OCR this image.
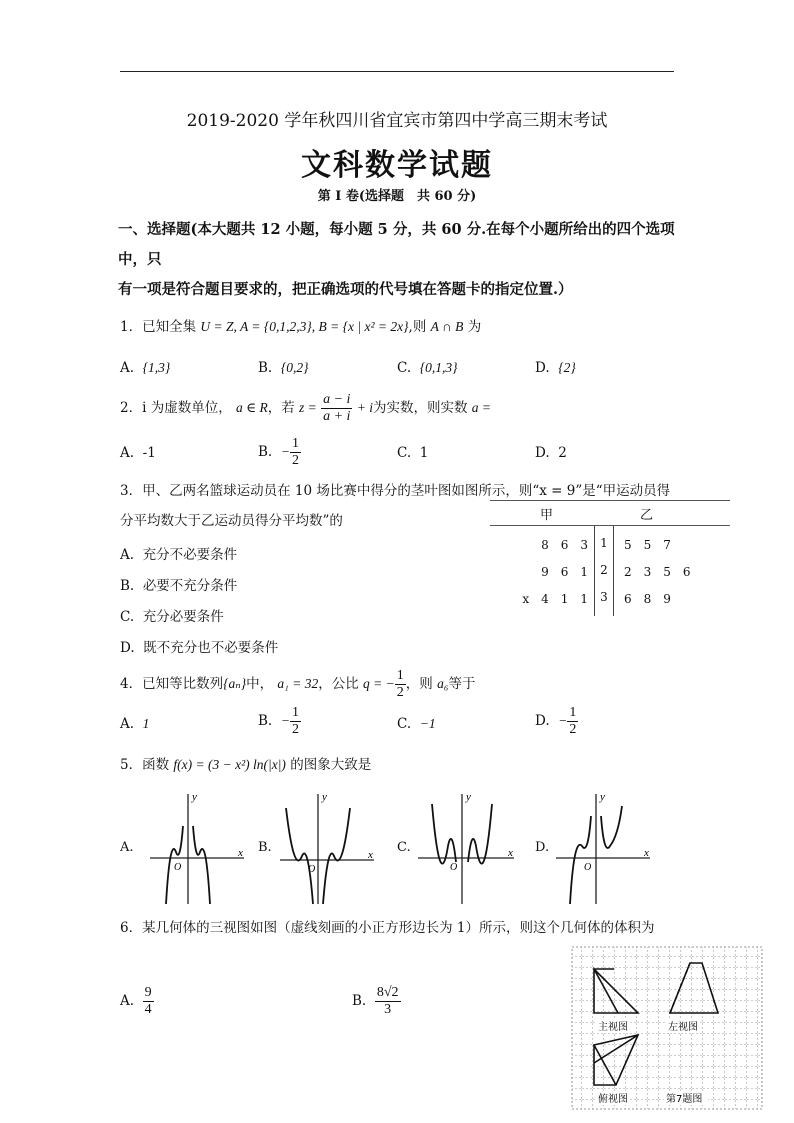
2019-2020 学年秋四川省宜宾市第四中学高三期末考试
文科数学试题
第 I 卷(选择题　共 60 分)
一、选择题(本大题共 12 小题，每小题 5 分，共 60 分.在每个小题所给出的四个选项中，只
有一项是符合题目要求的，把正确选项的代号填在答题卡的指定位置.）
1．已知全集 U = Z, A = {0,1,2,3}, B = {x | x² = 2x},则 A ∩ B 为
A. {1,3}	B. {0,2}	C. {0,1,3}	D. {2}
2．i 为虚数单位， a ∈ R，若 $z = \frac{a - i}{a + i} + i$为实数，则实数 a =
A. -1	B. − $\frac{1}{2}$	C. 1	D. 2
3．甲、乙两名篮球运动员在 10 场比赛中得分的茎叶图如图所示，则“x = 9”是“甲运动员得
分平均数大于乙运动员得分平均数”的
A. 充分不必要条件
B. 必要不充分条件
C. 充分必要条件
D. 既不充分也不必要条件
甲	乙
8　6　3	1	5　5　7
9　6　1	2	2　3　5　6
x　4　1　1	3	6　8　9
4．已知等比数列{aₙ}中， a₁ = 32，公比 q = − $\frac{1}{2}$ ，则 a₆等于
A. 1	B. − $\frac{1}{2}$	C. −1	D. − $\frac{1}{2}$
5．函数 f(x) = (3 − x²) ln(|x|) 的图象大致是
A.	B.	C.	D.
x
y
O
x
y
O
x
y
O
x
y
O
6．某几何体的三视图如图（虚线刻画的小正方形边长为 1）所示，则这个几何体的体积为
A. $\frac{9}{4}$	B. $\frac{8√2}{3}$
主视图	左视图
俯视图	第7题图
